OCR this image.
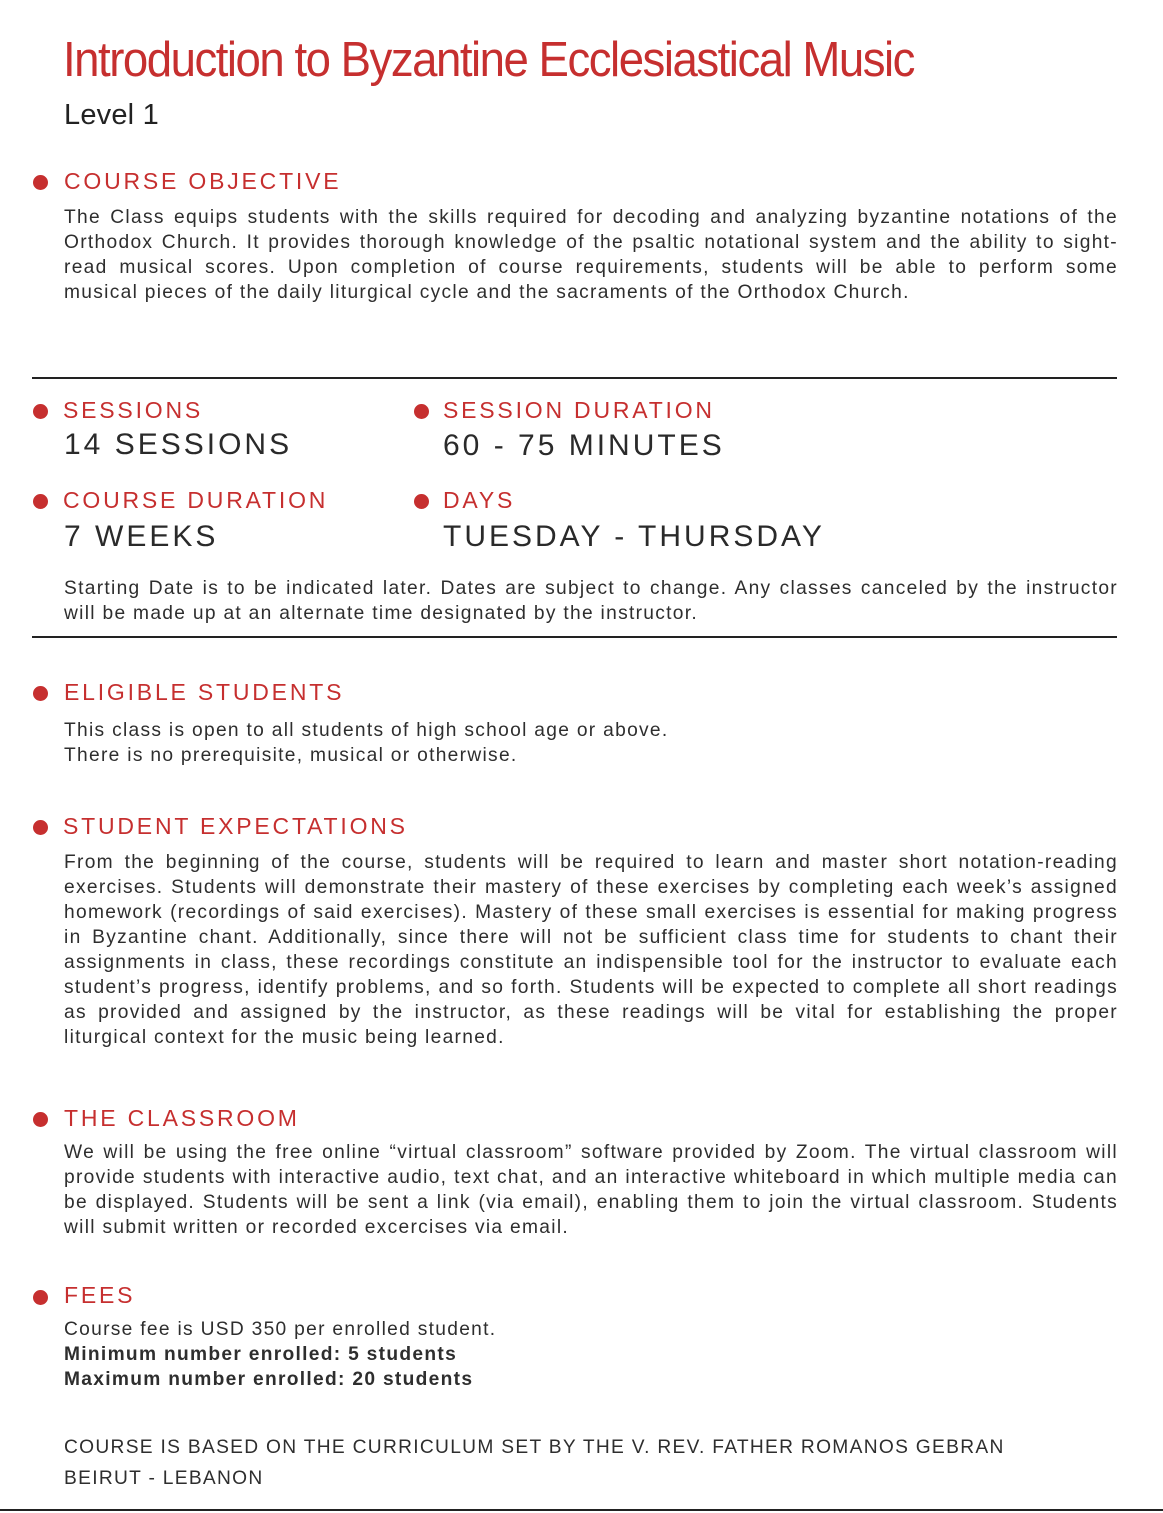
Introduction to Byzantine Ecclesiastical Music
Level 1
COURSE OBJECTIVE

The Class equips students with the skills required for decoding and analyzing byzantine notations of the Orthodox Church. It provides thorough knowledge of the psaltic notational system and the ability to sight-read musical scores. Upon completion of course requirements, students will be able to perform some musical pieces of the daily liturgical cycle and the sacraments of the Orthodox Church.

SESSIONS

14 SESSIONS

SESSION DURATION

60 - 75 MINUTES

COURSE DURATION

7 WEEKS

DAYS

TUESDAY - THURSDAY

Starting Date is to be indicated later. Dates are subject to change. Any classes canceled by the instructor will be made up at an alternate time designated by the instructor.

ELIGIBLE STUDENTS

This class is open to all students of high school age or above.
There is no prerequisite, musical or otherwise.

STUDENT EXPECTATIONS

From the beginning of the course, students will be required to learn and master short notation-reading exercises. Students will demonstrate their mastery of these exercises by completing each week’s assigned homework (recordings of said exercises). Mastery of these small exercises is essential for making progress in Byzantine chant. Additionally, since there will not be sufficient class time for students to chant their assignments in class, these recordings constitute an indispensible tool for the instructor to evaluate each student’s progress, identify problems, and so forth. Students will be expected to complete all short readings as provided and assigned by the instructor, as these readings will be vital for establishing the proper liturgical context for the music being learned.

THE CLASSROOM

We will be using the free online “virtual classroom” software provided by Zoom. The virtual classroom will provide students with interactive audio, text chat, and an interactive whiteboard in which multiple media can be displayed. Students will be sent a link (via email), enabling them to join the virtual classroom. Students will submit written or recorded excercises via email.

FEES

Course fee is USD 350 per enrolled student.
Minimum number enrolled: 5 students
Maximum number enrolled: 20 students

COURSE IS BASED ON THE CURRICULUM SET BY THE V. REV. FATHER ROMANOS GEBRAN
BEIRUT - LEBANON
